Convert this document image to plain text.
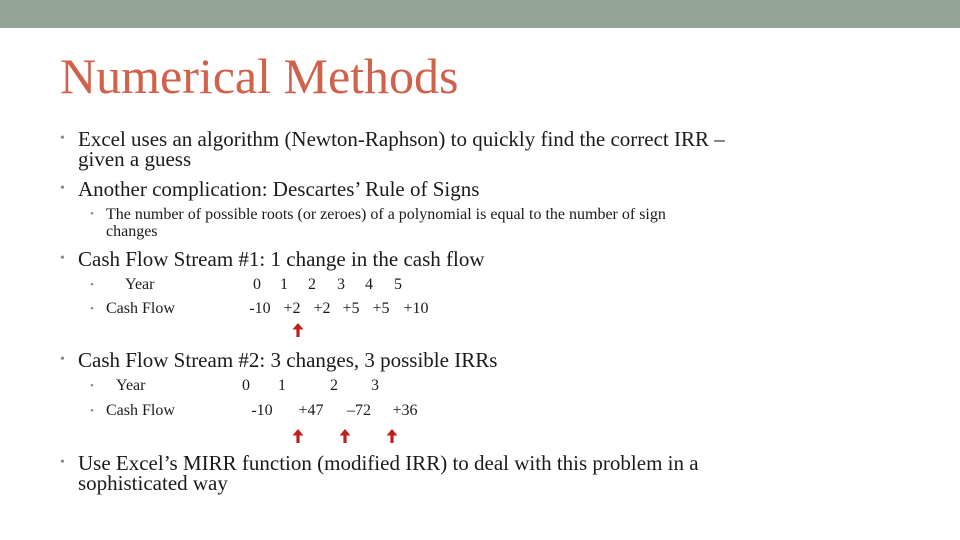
Numerical Methods
• Excel uses an algorithm (Newton-Raphson) to quickly find the correct IRR –
given a guess
• Another complication: Descartes’ Rule of Signs
• The number of possible roots (or zeroes) of a polynomial is equal to the number of sign
changes
• Cash Flow Stream #1: 1 change in the cash flow
• Year	0	1	2	3	4	5
• Cash Flow	-10 +2 +2 +5 +5 +10
• Cash Flow Stream #2: 3 changes, 3 possible IRRs
• Year	0	1	2	3
• Cash Flow	-10	+47	–72	+36
• Use Excel’s MIRR function (modified IRR) to deal with this problem in a
sophisticated way
